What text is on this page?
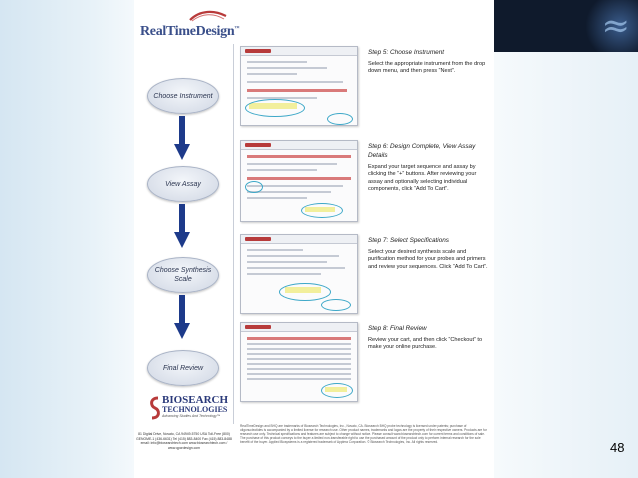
≈
RealTimeDesign™
Choose Instrument
View Assay
Choose Synthesis Scale
Final Review
BIOSEARCH
TECHNOLOGIES
Advancing Studies And Technology™
81 Digital Drive, Novato, CA 94949-5750 USA Toll-Free (800) GENOME-1 (436-6631) Tel (415) 883-8400 Fax (415) 883-8488 email: info@biosearchtech.com www.biosearchtech.com / www.qpcrdesign.com
Step 5: Choose Instrument

Select the appropriate instrument from the drop down menu, and then press “Next”.

Step 6: Design Complete, View Assay Details

Expand your target sequence and assay by clicking the “+” buttons. After reviewing your assay and optionally selecting individual components, click “Add To Cart”.

Step 7: Select Specifications

Select your desired synthesis scale and purification method for your probes and primers and review your sequences. Click “Add To Cart”.

Step 8: Final Review

Review your cart, and then click “Checkout” to make your online purchase.

RealTimeDesign and BHQ are trademarks of Biosearch Technologies, Inc., Novato, CA. Biosearch BHQ probe technology is licensed under patents; purchase of oligonucleotides is accompanied by a limited license for research use. Other product names, trademarks and logos are the property of their respective owners. Products are for research use only. Technical specifications and features are subject to change without notice. Please consult www.biosearchtech.com for current terms and conditions of sale. The purchase of this product conveys to the buyer a limited non-transferable right to use the purchased amount of the product only to perform internal research for the sole benefit of the buyer. Applied Biosystems is a registered trademark of Applera Corporation. © Biosearch Technologies, Inc. All rights reserved.	48
